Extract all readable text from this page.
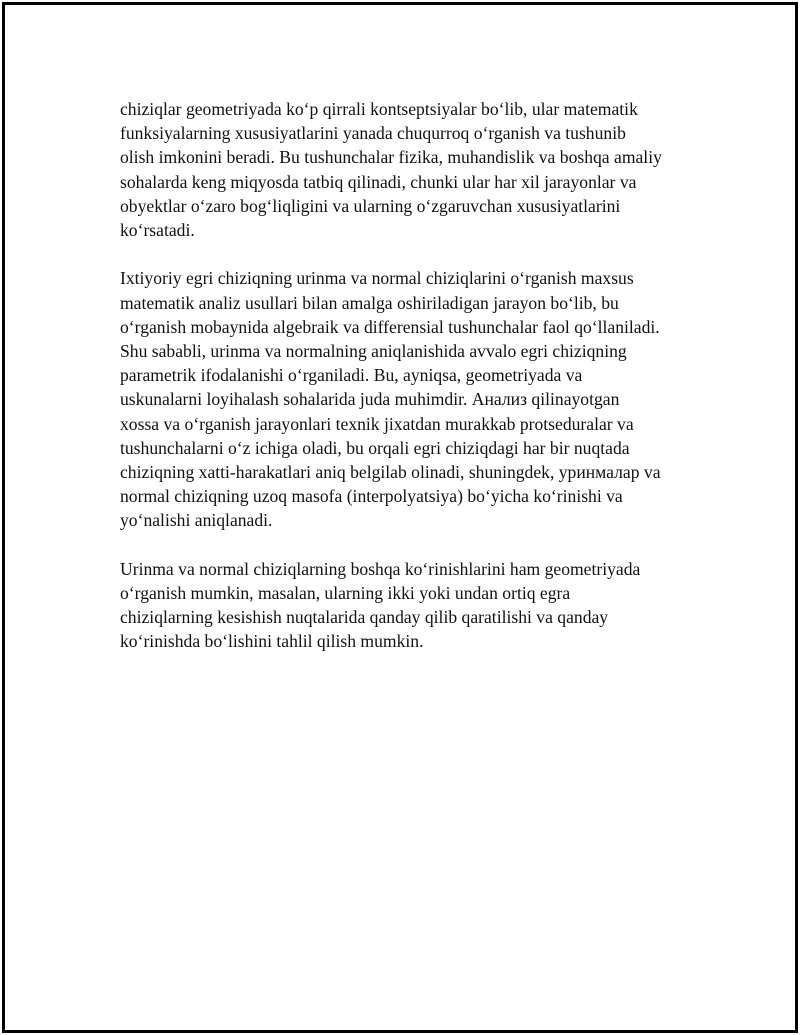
chiziqlar geometriyada koʻp qirrali kontseptsiyalar boʻlib, ular matematik
funksiyalarning xususiyatlarini yanada chuqurroq oʻrganish va tushunib
olish imkonini beradi. Bu tushunchalar fizika, muhandislik va boshqa amaliy
sohalarda keng miqyosda tatbiq qilinadi, chunki ular har xil jarayonlar va
obyektlar oʻzaro bogʻliqligini va ularning oʻzgaruvchan xususiyatlarini
koʻrsatadi.

Ixtiyoriy egri chiziqning urinma va normal chiziqlarini oʻrganish maxsus
matematik analiz usullari bilan amalga oshiriladigan jarayon boʻlib, bu
oʻrganish mobaynida algebraik va differensial tushunchalar faol qoʻllaniladi.
Shu sababli, urinma va normalning aniqlanishida avvalo egri chiziqning
parametrik ifodalanishi oʻrganiladi. Bu, ayniqsa, geometriyada va
uskunalarni loyihalash sohalarida juda muhimdir. Анализ qilinayotgan
xossa va oʻrganish jarayonlari texnik jixatdan murakkab protseduralar va
tushunchalarni oʻz ichiga oladi, bu orqali egri chiziqdagi har bir nuqtada
chiziqning xatti-harakatlari aniq belgilab olinadi, shuningdek, уринмалар va
normal chiziqning uzoq masofa (interpolyatsiya) boʻyicha koʻrinishi va
yoʻnalishi aniqlanadi.

Urinma va normal chiziqlarning boshqa koʻrinishlarini ham geometriyada
oʻrganish mumkin, masalan, ularning ikki yoki undan ortiq egra
chiziqlarning kesishish nuqtalarida qanday qilib qaratilishi va qanday
koʻrinishda boʻlishini tahlil qilish mumkin.
